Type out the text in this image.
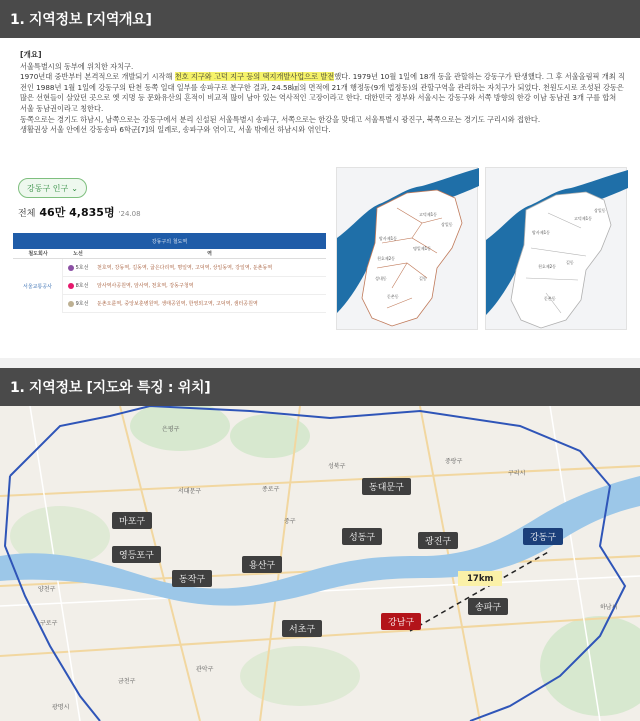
1. 지역정보 [지역개요]
[개요]
서울특별시의 동부에 위치한 자치구.
1970년대 중반부터 본격적으로 개발되기 시작해 천호 지구와 고덕 지구 등의 택지개발사업으로 발전했다. 1979년 10월 1일에 18개 동을 관할하는 강동구가 탄생했다. 그 후 서울올림픽 개최 직전인 1988년 1월 1일에 강동구의 탄천 동쪽 일대 일부를 송파구로 분구한 결과, 24.58㎢의 면적에 21개 행정동(9개 법정동)의 관할구역을 관리하는 자치구가 되었다. 천원도시로 조성된 강동은 많은 선현들이 살았던 곳으로 옛 지명 등 문화유산의 흔적이 비교적 많이 남아 있는 역사적인 고장이라고 한다. 대한민국 정부와 서울시는 강동구와 서쪽 방향의 한강 이남 동남권 3개 구를 합쳐 서울 동남권이라고 칭한다.
동쪽으로는 경기도 하남시, 남쪽으로는 강동구에서 분리 신설된 서울특별시 송파구, 서쪽으로는 한강을 맞대고 서울특별시 광진구, 북쪽으로는 경기도 구리시와 접한다.
생활권상 서울 안에선 강동송파 6학군[7]의 일례로, 송파구와 엮이고, 서울 밖에선 하남시와 엮인다.
강동구 인구 ⌄
전체 46만 4,835명 '24.08
강동구의 철도역
철도회사	노선	역
서울교통공사
5호선	천호역, 강동역, 길동역, 굽은다리역, 명일역, 고덕역, 상일동역, 강일역, 둔촌동역
8호선	암사역사공원역, 암사역, 천호역, 강동구청역
9호선	둔촌오륜역, 중앙보훈병원역, 생태공원역, 한영외고역, 고덕역, 샘터공원역
암사제1동
고덕제1동
상일동
천호제2동
명일제1동
둔촌동
길동
성내동
암사제1동
고덕제1동
상일동
천호제2동
길동
둔촌동
1. 지역정보 [지도와 특징 : 위치]
은평구
서대문구	종로구
성북구
중구
양천구
구로구
관악구
금천구
광명시
구리시
중랑구
하남시
동대문구
마포구
성동구	광진구	강동구
영등포구
용산구
17km
동작구
송파구
서초구
강남구
